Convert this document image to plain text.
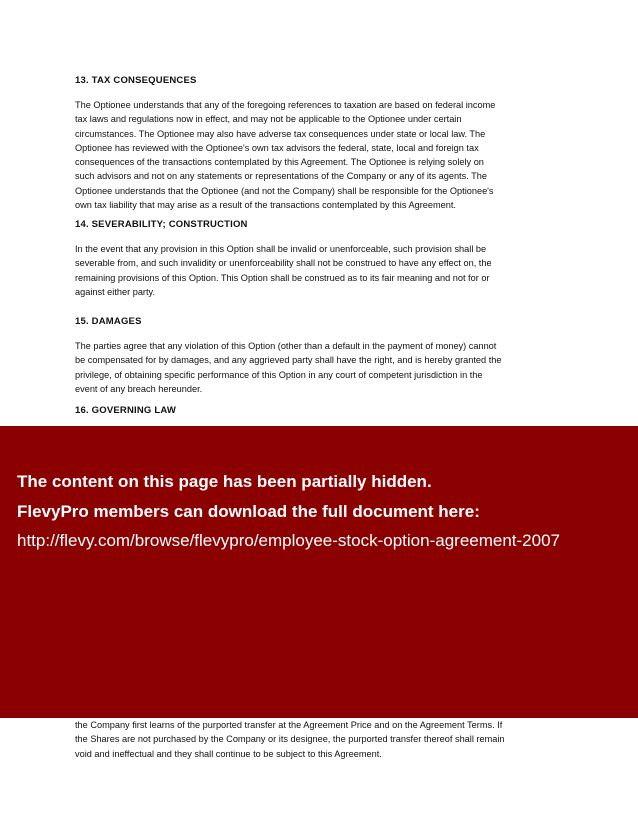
13. TAX CONSEQUENCES

The Optionee understands that any of the foregoing references to taxation are based on federal income
tax laws and regulations now in effect, and may not be applicable to the Optionee under certain
circumstances. The Optionee may also have adverse tax consequences under state or local law. The
Optionee has reviewed with the Optionee's own tax advisors the federal, state, local and foreign tax
consequences of the transactions contemplated by this Agreement. The Optionee is relying solely on
such advisors and not on any statements or representations of the Company or any of its agents. The
Optionee understands that the Optionee (and not the Company) shall be responsible for the Optionee's
own tax liability that may arise as a result of the transactions contemplated by this Agreement.

14. SEVERABILITY; CONSTRUCTION

In the event that any provision in this Option shall be invalid or unenforceable, such provision shall be
severable from, and such invalidity or unenforceability shall not be construed to have any effect on, the
remaining provisions of this Option. This Option shall be construed as to its fair meaning and not for or
against either party.

15. DAMAGES

The parties agree that any violation of this Option (other than a default in the payment of money) cannot
be compensated for by damages, and any aggrieved party shall have the right, and is hereby granted the
privilege, of obtaining specific performance of this Option in any court of competent jurisdiction in the
event of any breach hereunder.

16. GOVERNING LAW

The content on this page has been partially hidden.

FlevyPro members can download the full document here:

http://flevy.com/browse/flevypro/employee-stock-option-agreement-2007

the Company first learns of the purported transfer at the Agreement Price and on the Agreement Terms. If
the Shares are not purchased by the Company or its designee, the purported transfer thereof shall remain
void and ineffectual and they shall continue to be subject to this Agreement.
